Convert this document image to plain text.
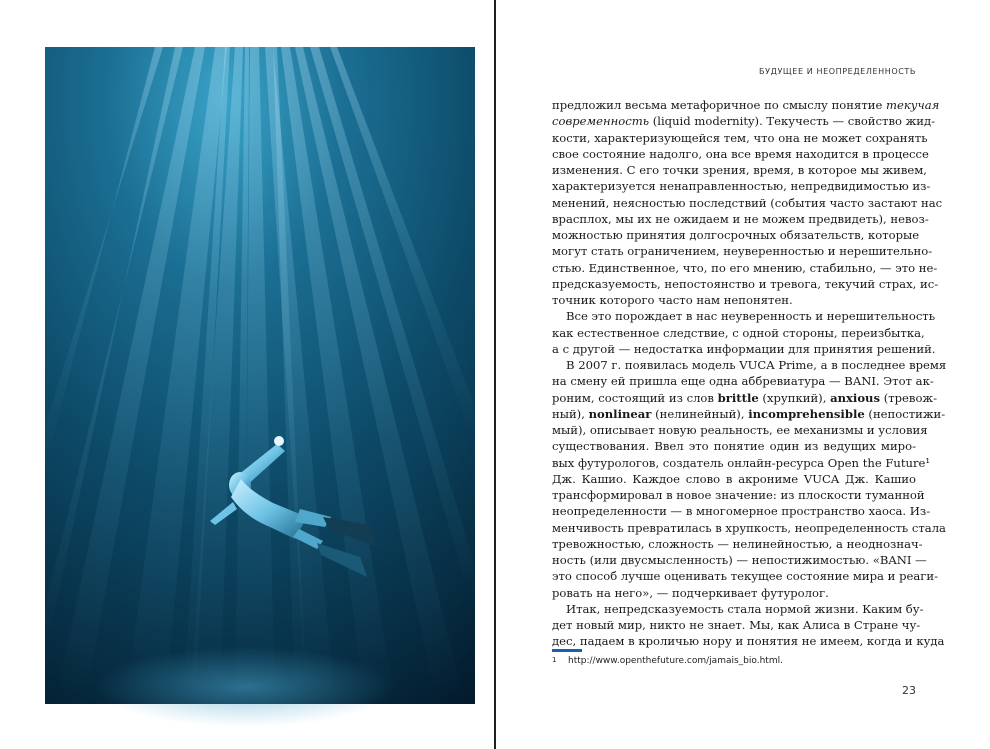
БУДУЩЕЕ И НЕОПРЕДЕЛЕННОСТЬ
предложил весьма метафоричное по смыслу понятие текучая
современность (liquid modernity). Текучесть — свойство жид-
кости, характеризующейся тем, что она не может сохранять
свое состояние надолго, она все время находится в процессе
изменения. С его точки зрения, время, в которое мы живем,
характеризуется ненаправленностью, непредвидимостью из-
менений, неясностью последствий (события часто застают нас
врасплох, мы их не ожидаем и не можем предвидеть), невоз-
можностью принятия долгосрочных обязательств, которые
могут стать ограничением, неуверенностью и нерешительно-
стью. Единственное, что, по его мнению, стабильно, — это не-
предсказуемость, непостоянство и тревога, текучий страх, ис-
точник которого часто нам непонятен.
Все это порождает в нас неуверенность и нерешительность
как естественное следствие, с одной стороны, переизбытка,
а с другой — недостатка информации для принятия решений.
В 2007 г. появилась модель VUCA Prime, а в последнее время
на смену ей пришла еще одна аббревиатура — BANI. Этот ак-
роним, состоящий из слов brittle (хрупкий), anxious (тревож-
ный), nonlinear (нелинейный), incomprehensible (непостижи-
мый), описывает новую реальность, ее механизмы и условия
существования. Ввел это понятие один из ведущих миро-
вых футурологов, создатель онлайн-ресурса Open the Future¹
Дж. Кашио. Каждое слово в акрониме VUCA Дж. Кашио
трансформировал в новое значение: из плоскости туманной
неопределенности — в многомерное пространство хаоса. Из-
менчивость превратилась в хрупкость, неопределенность стала
тревожностью, сложность — нелинейностью, а неоднознач-
ность (или двусмысленность) — непостижимостью. «BANI —
это способ лучше оценивать текущее состояние мира и реаги-
ровать на него», — подчеркивает футуролог.
Итак, непредсказуемость стала нормой жизни. Каким бу-
дет новый мир, никто не знает. Мы, как Алиса в Стране чу-
дес, падаем в кроличью нору и понятия не имеем, когда и куда
1 http://www.openthefuture.com/jamais_bio.html.
23
